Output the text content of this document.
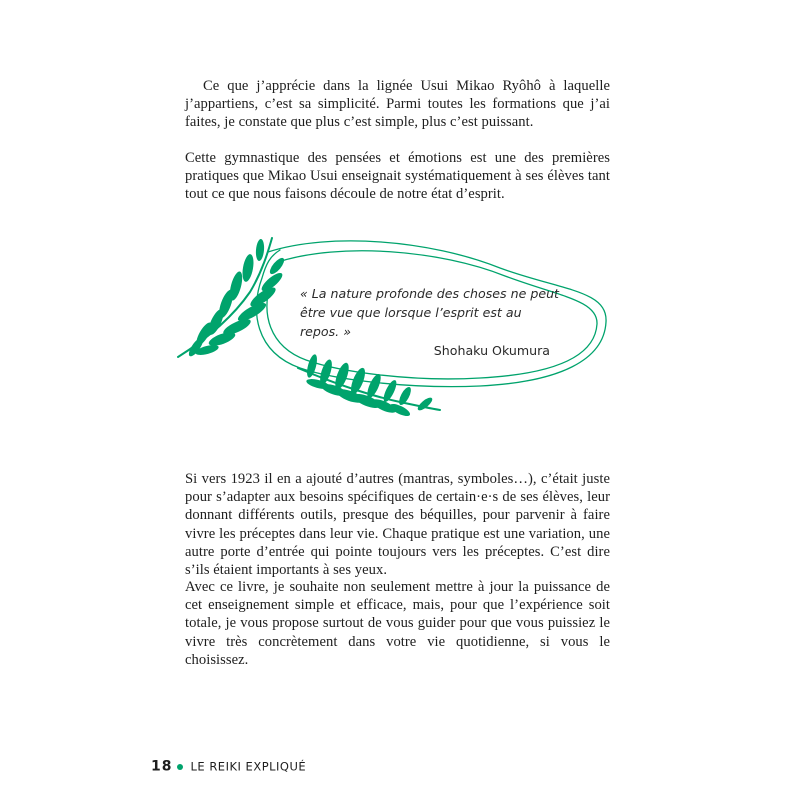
Ce que j’apprécie dans la lignée Usui Mikao Ryôhô à laquelle j’appartiens, c’est sa simplicité. Parmi toutes les formations que j’ai faites, je constate que plus c’est simple, plus c’est puissant.

Cette gymnastique des pensées et émotions est une des premières pratiques que Mikao Usui enseignait systématiquement à ses élèves tant tout ce que nous faisons découle de notre état d’esprit.

« La nature profonde des choses ne peut être vue que lorsque l’esprit est au repos. »
Shohaku Okumura

Si vers 1923 il en a ajouté d’autres (mantras, symboles…), c’était juste pour s’adapter aux besoins spécifiques de certain·e·s de ses élèves, leur donnant différents outils, presque des béquilles, pour parvenir à faire vivre les préceptes dans leur vie. Chaque pratique est une variation, une autre porte d’entrée qui pointe toujours vers les préceptes. C’est dire s’ils étaient importants à ses yeux.

Avec ce livre, je souhaite non seulement mettre à jour la puissance de cet enseignement simple et efficace, mais, pour que l’expérience soit totale, je vous propose surtout de vous guider pour que vous puissiez le vivre très concrètement dans votre vie quotidienne, si vous le choisissez.

18 LE REIKI EXPLIQUÉ
